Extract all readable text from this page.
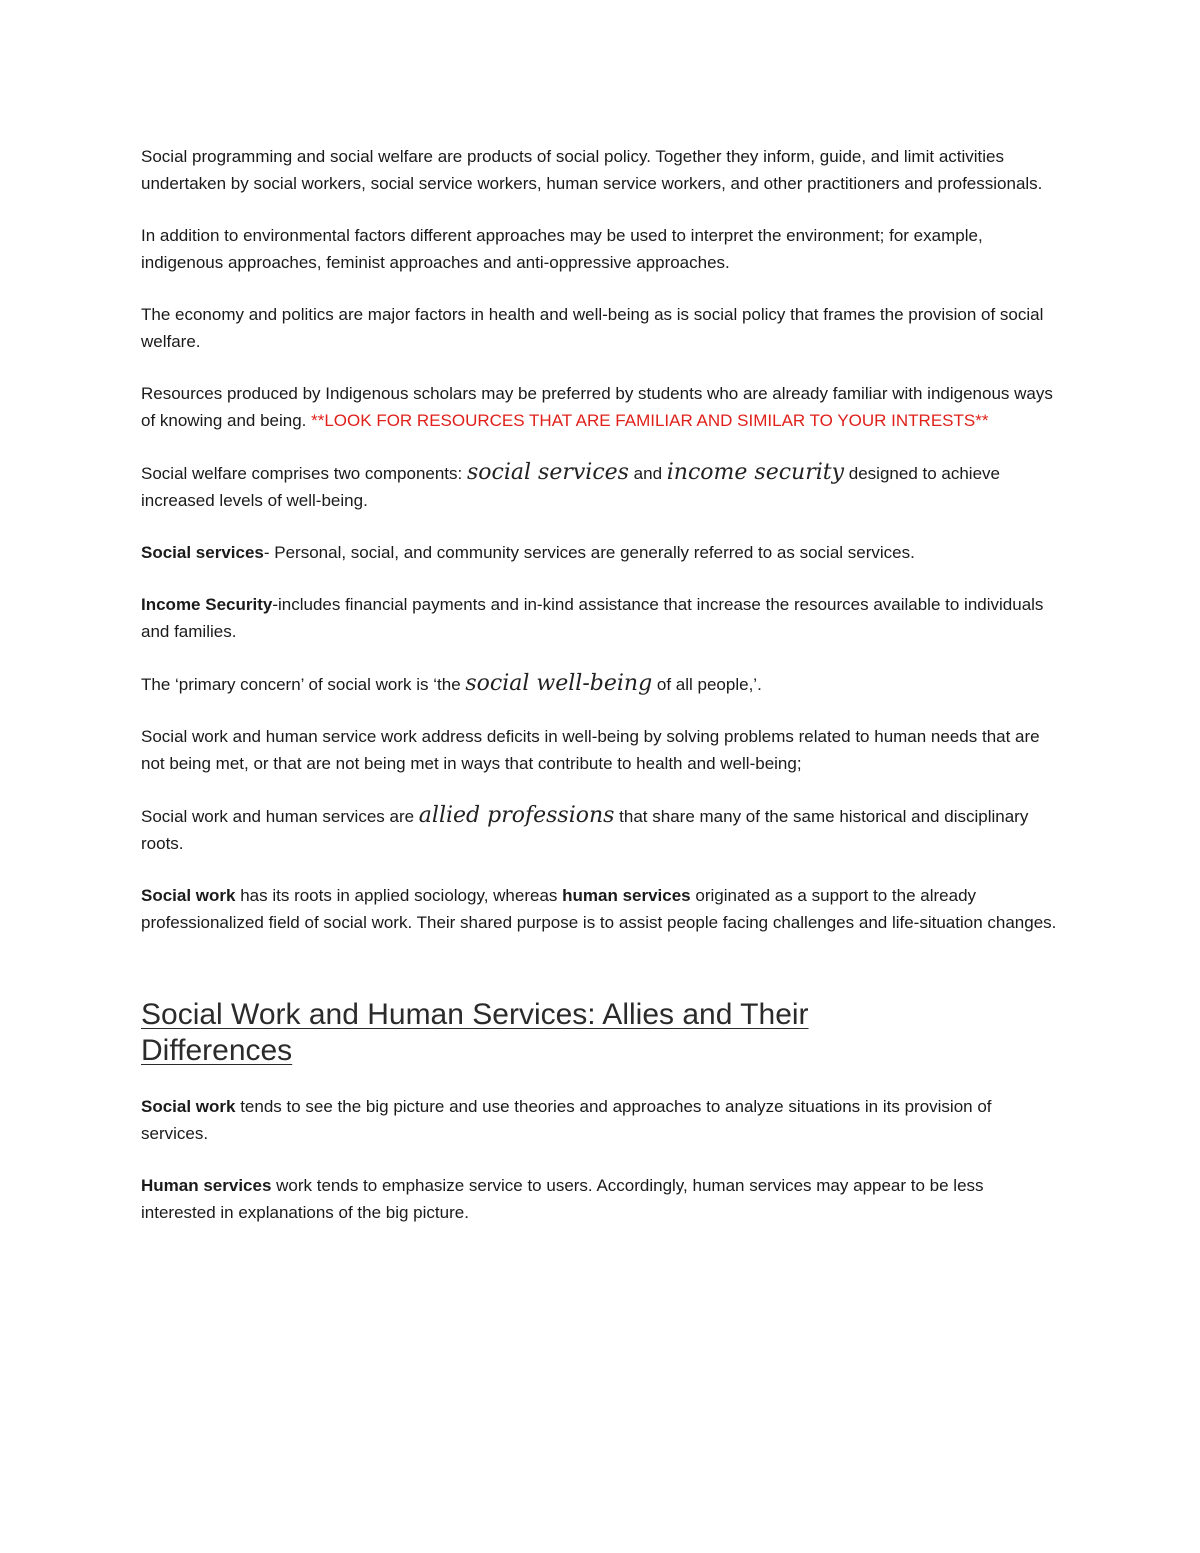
Social programming and social welfare are products of social policy. Together they inform, guide, and limit activities undertaken by social workers, social service workers, human service workers, and other practitioners and professionals.

In addition to environmental factors different approaches may be used to interpret the environment; for example, indigenous approaches, feminist approaches and anti-oppressive approaches.

The economy and politics are major factors in health and well-being as is social policy that frames the provision of social welfare.

Resources produced by Indigenous scholars may be preferred by students who are already familiar with indigenous ways of knowing and being. **LOOK FOR RESOURCES THAT ARE FAMILIAR AND SIMILAR TO YOUR INTRESTS**

Social welfare comprises two components: social services and income security designed to achieve increased levels of well-being.

Social services- Personal, social, and community services are generally referred to as social services.

Income Security-includes financial payments and in-kind assistance that increase the resources available to individuals and families.

The ‘primary concern’ of social work is ‘the social well-being of all people,’.

Social work and human service work address deficits in well-being by solving problems related to human needs that are not being met, or that are not being met in ways that contribute to health and well-being;

Social work and human services are allied professions that share many of the same historical and disciplinary roots.

Social work has its roots in applied sociology, whereas human services originated as a support to the already professionalized field of social work. Their shared purpose is to assist people facing challenges and life-situation changes.

Social Work and Human Services: Allies and Their Differences

Social work tends to see the big picture and use theories and approaches to analyze situations in its provision of services.

Human services work tends to emphasize service to users. Accordingly, human services may appear to be less interested in explanations of the big picture.
